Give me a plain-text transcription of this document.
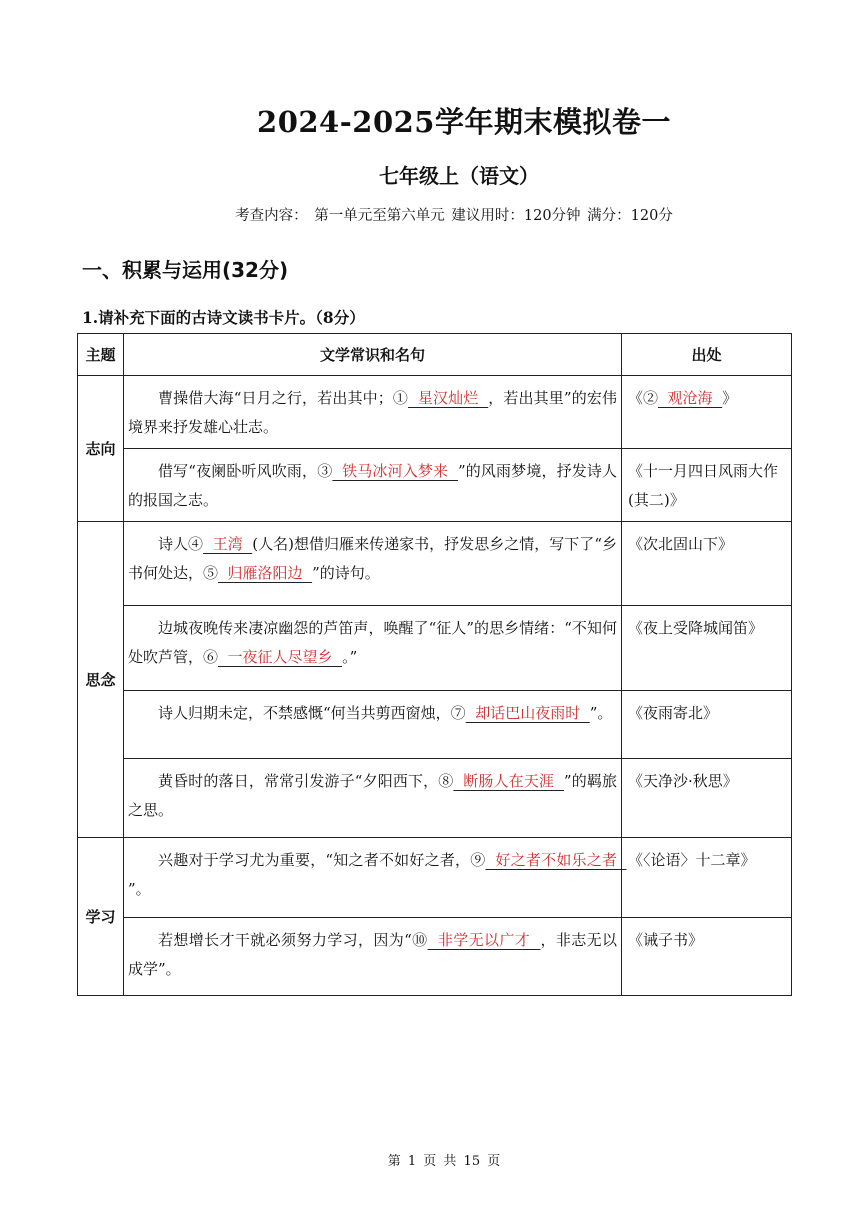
2024-2025学年期末模拟卷一
七年级上（语文）
考查内容： 第一单元至第六单元 建议用时：120分钟 满分：120分
一、积累与运用(32分)
1.请补充下面的古诗文读书卡片。（8分）
主题	文学常识和名句	出处
志向	曹操借大海“日月之行，若出其中；①  星汉灿烂  ，若出其里”的宏伟境界来抒发雄心壮志。	《②  观沧海  》

	借写“夜阑卧听风吹雨，③  铁马冰河入梦来  ”的风雨梦境，抒发诗人的报国之志。	《十一月四日风雨大作(其二)》
思念	诗人④  王湾  (人名)想借归雁来传递家书，抒发思乡之情，写下了“乡书何处达，⑤  归雁洛阳边  ”的诗句。	《次北固山下》

	边城夜晚传来凄凉幽怨的芦笛声，唤醒了“征人”的思乡情绪：“不知何处吹芦管，⑥  一夜征人尽望乡  。”	《夜上受降城闻笛》

	诗人归期未定，不禁感慨“何当共剪西窗烛，⑦  却话巴山夜雨时  ”。	《夜雨寄北》

	黄昏时的落日，常常引发游子“夕阳西下，⑧  断肠人在天涯  ”的羁旅之思。	《天净沙·秋思》
学习	兴趣对于学习尤为重要，“知之者不如好之者，⑨  好之者不如乐之者  ”。	《〈论语〉十二章》

	若想增长才干就必须努力学习，因为“⑩  非学无以广才  ，非志无以成学”。	《诫子书》
第 1 页 共 15 页
